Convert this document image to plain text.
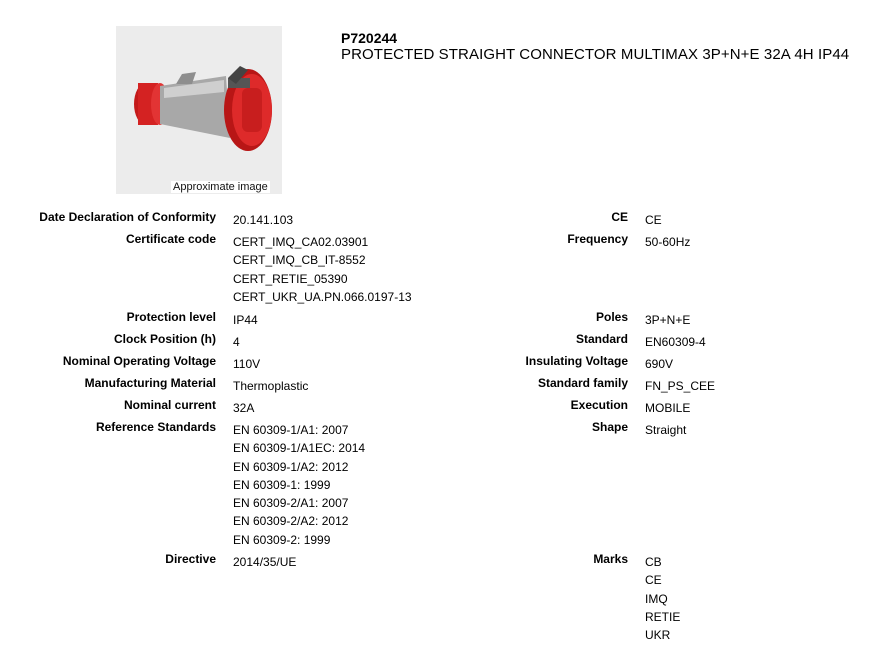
Approximate image
P720244
PROTECTED STRAIGHT CONNECTOR MULTIMAX 3P+N+E 32A 4H IP44
Date Declaration of Conformity
Certificate code
Protection level
Clock Position (h)
Nominal Operating Voltage
Manufacturing Material
Nominal current
Reference Standards
Directive
20.141.103
CERT_IMQ_CA02.03901
CERT_IMQ_CB_IT-8552
CERT_RETIE_05390
CERT_UKR_UA.PN.066.0197-13
IP44
4
110V
Thermoplastic
32A
EN 60309-1/A1: 2007
EN 60309-1/A1EC: 2014
EN 60309-1/A2: 2012
EN 60309-1: 1999
EN 60309-2/A1: 2007
EN 60309-2/A2: 2012
EN 60309-2: 1999
2014/35/UE
CE
Frequency
Poles
Standard
Insulating Voltage
Standard family
Execution
Shape
Marks
CE
50-60Hz
3P+N+E
EN60309-4
690V
FN_PS_CEE
MOBILE
Straight
CB
CE
IMQ
RETIE
UKR
